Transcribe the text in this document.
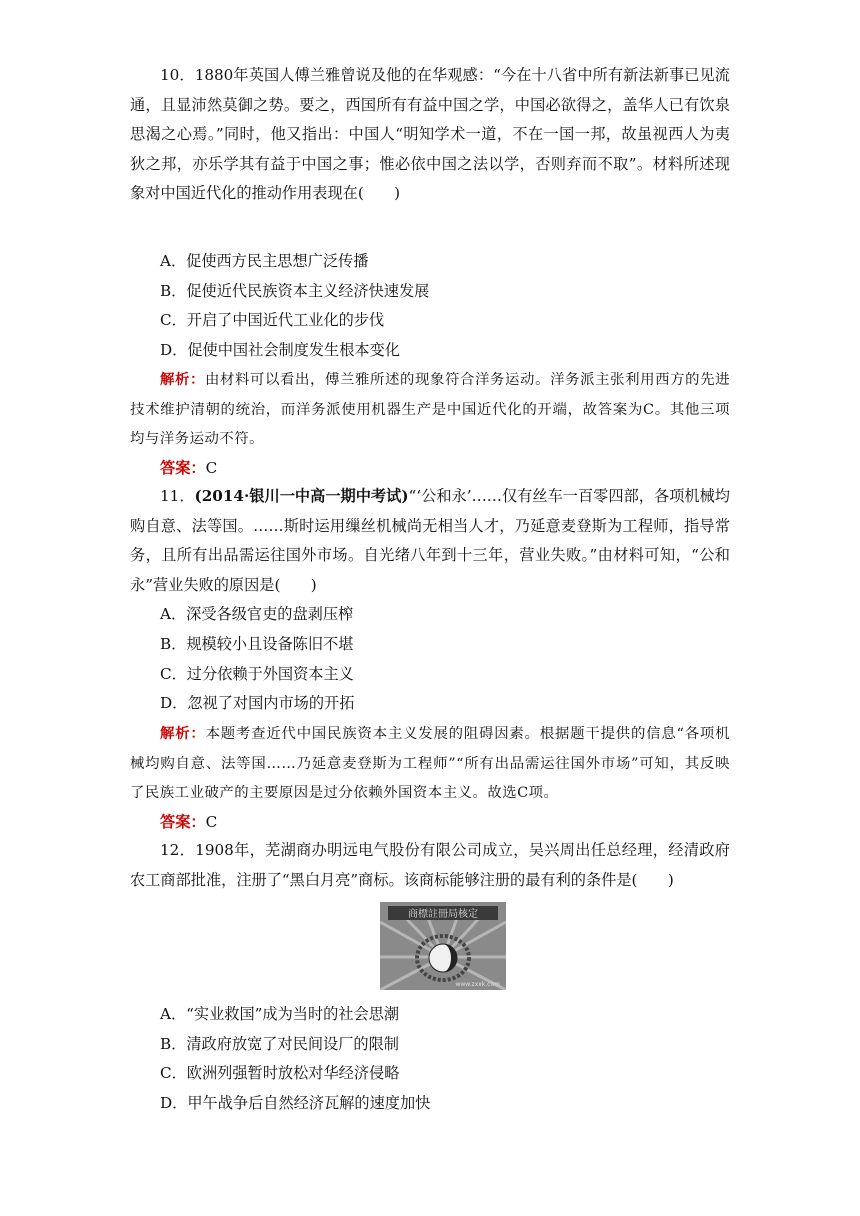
10．1880年英国人傅兰雅曾说及他的在华观感：“今在十八省中所有新法新事已见流通，且显沛然莫御之势。要之，西国所有有益中国之学，中国必欲得之，盖华人已有饮泉思渴之心焉。”同时，他又指出：中国人“明知学术一道，不在一国一邦，故虽视西人为夷狄之邦，亦乐学其有益于中国之事；惟必依中国之法以学，否则弃而不取”。材料所述现象对中国近代化的推动作用表现在(　　)
A．促使西方民主思想广泛传播
B．促使近代民族资本主义经济快速发展
C．开启了中国近代工业化的步伐
D．促使中国社会制度发生根本变化
解析：由材料可以看出，傅兰雅所述的现象符合洋务运动。洋务派主张利用西方的先进技术维护清朝的统治，而洋务派使用机器生产是中国近代化的开端，故答案为C。其他三项均与洋务运动不符。
答案：C
11．(2014·银川一中高一期中考试)“‘公和永’……仅有丝车一百零四部，各项机械均购自意、法等国。……斯时运用缫丝机械尚无相当人才，乃延意麦登斯为工程师，指导常务，且所有出品需运往国外市场。自光绪八年到十三年，营业失败。”由材料可知，“公和永”营业失败的原因是(　　)
A．深受各级官吏的盘剥压榨
B．规模较小且设备陈旧不堪
C．过分依赖于外国资本主义
D．忽视了对国内市场的开拓
解析：本题考查近代中国民族资本主义发展的阻碍因素。根据题干提供的信息“各项机械均购自意、法等国……乃延意麦登斯为工程师”“所有出品需运往国外市场”可知，其反映了民族工业破产的主要原因是过分依赖外国资本主义。故选C项。
答案：C
12．1908年，芜湖商办明远电气股份有限公司成立，吴兴周出任总经理，经清政府农工商部批准，注册了“黑白月亮”商标。该商标能够注册的最有利的条件是(　　)
商標註冊局核定
www.zxxk.com
A．“实业救国”成为当时的社会思潮
B．清政府放宽了对民间设厂的限制
C．欧洲列强暂时放松对华经济侵略
D．甲午战争后自然经济瓦解的速度加快
